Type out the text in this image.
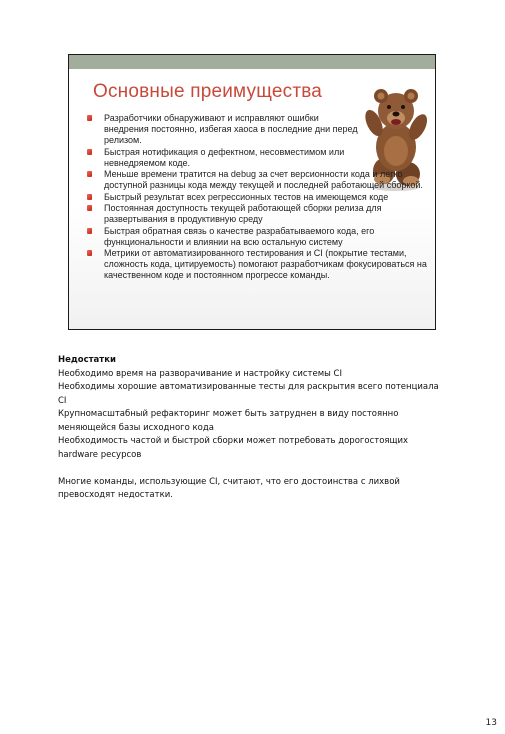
Основные преимущества
Разработчики обнаруживают и исправляют ошибки внедрения постоянно, избегая хаоса в последние дни перед релизом.
Быстрая нотификация о дефектном, несовместимом или невнедряемом коде.
Меньше времени тратится на debug за счет версионности кода и легко доступной разницы кода между текущей и последней работающей сборкой.
Быстрый результат всех регрессионных тестов на имеющемся коде
Постоянная доступность текущей работающей сборки релиза для развертывания в продуктивную среду
Быстрая обратная связь о качестве разрабатываемого кода, его функциональности и влиянии на всю остальную систему
Метрики от автоматизированного тестирования и CI (покрытие тестами, сложность кода, цитируемость) помогают разработчикам фокусироваться на качественном коде и постоянном прогрессе команды.

Недостатки

Необходимо время на разворачивание и настройку системы CI

Необходимы хорошие автоматизированные тесты для раскрытия всего потенциала CI

Крупномасштабный рефакторинг может быть затруднен в виду постоянно меняющейся базы исходного кода

Необходимость частой и быстрой сборки может потребовать дорогостоящих hardware ресурсов

Многие команды, использующие CI, считают, что его достоинства с лихвой превосходят недостатки.

13
